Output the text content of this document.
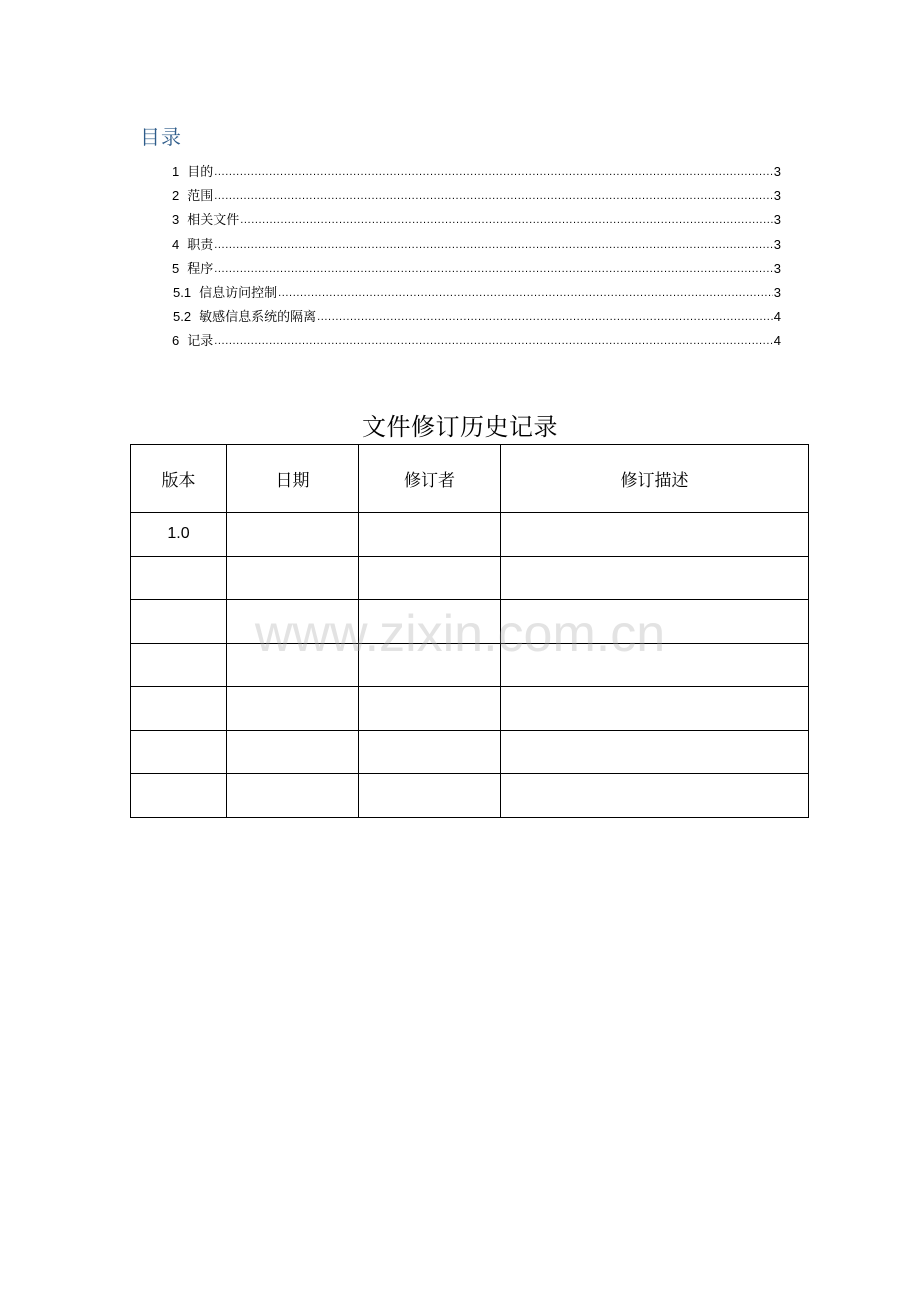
目录
1 目的 .....	3
2 范围 .....	3
3 相关文件 .....	3
4 职责 .....	3
5 程序 .....	3
5.1 信息访问控制 .....	3
5.2 敏感信息系统的隔离 .....	4
6 记录 .....	4
文件修订历史记录
版本	日期	修订者	修订描述
1.0			

www.zixin.com.cn
